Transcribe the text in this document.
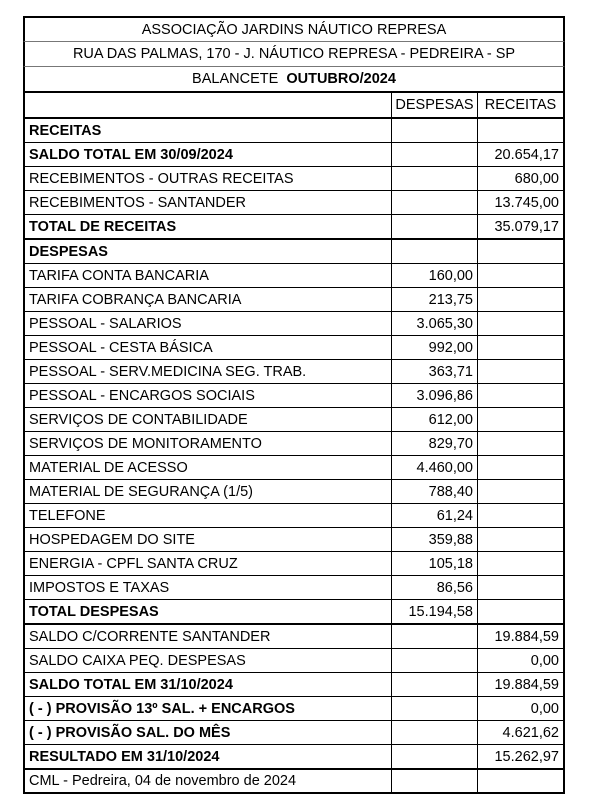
ASSOCIAÇÃO JARDINS NÁUTICO REPRESA
RUA DAS PALMAS, 170 - J. NÁUTICO REPRESA - PEDREIRA - SP
BALANCETE OUTUBRO/2024
DESPESAS RECEITAS
RECEITAS		
SALDO TOTAL EM 30/09/2024		20.654,17
RECEBIMENTOS - OUTRAS RECEITAS		680,00
RECEBIMENTOS - SANTANDER		13.745,00
TOTAL DE RECEITAS		35.079,17
DESPESAS		
TARIFA CONTA BANCARIA	160,00	
TARIFA COBRANÇA BANCARIA	213,75	
PESSOAL - SALARIOS	3.065,30	
PESSOAL - CESTA BÁSICA	992,00	
PESSOAL - SERV.MEDICINA SEG. TRAB.	363,71	
PESSOAL - ENCARGOS SOCIAIS	3.096,86	
SERVIÇOS DE CONTABILIDADE	612,00	
SERVIÇOS DE MONITORAMENTO	829,70	
MATERIAL DE ACESSO	4.460,00	
MATERIAL DE SEGURANÇA (1/5)	788,40	
TELEFONE	61,24	
HOSPEDAGEM DO SITE	359,88	
ENERGIA - CPFL SANTA CRUZ	105,18	
IMPOSTOS E TAXAS	86,56	
TOTAL DESPESAS	15.194,58	
SALDO C/CORRENTE SANTANDER		19.884,59
SALDO CAIXA PEQ. DESPESAS		0,00
SALDO TOTAL EM 31/10/2024		19.884,59
( - ) PROVISÃO 13º SAL. + ENCARGOS		0,00
( - ) PROVISÃO SAL. DO MÊS		4.621,62
RESULTADO EM 31/10/2024		15.262,97
CML - Pedreira, 04 de novembro de 2024		
